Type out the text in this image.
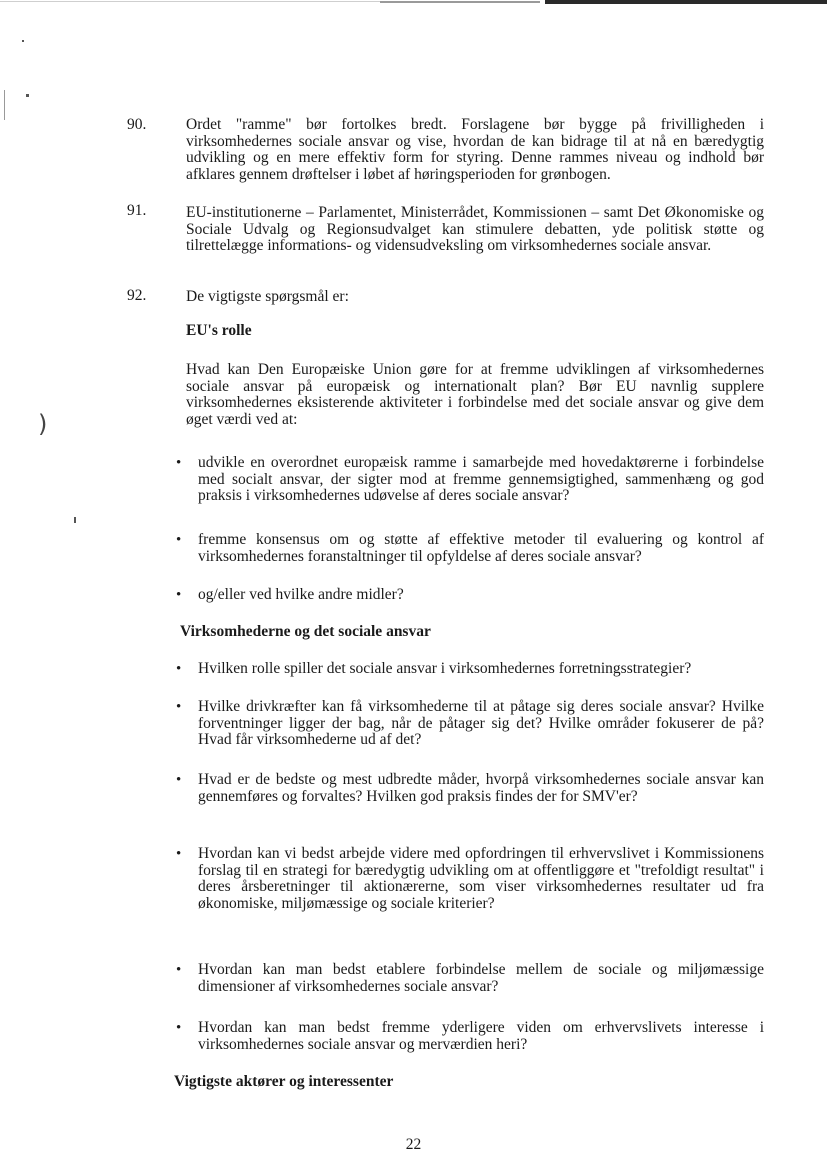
)
90.	Ordet "ramme" bør fortolkes bredt. Forslagene bør bygge på frivilligheden i virksomhedernes sociale ansvar og vise, hvordan de kan bidrage til at nå en bæredygtig udvikling og en mere effektiv form for styring. Denne rammes niveau og indhold bør afklares gennem drøftelser i løbet af høringsperioden for grønbogen.
91.	EU-institutionerne – Parlamentet, Ministerrådet, Kommissionen – samt Det Økonomiske og Sociale Udvalg og Regionsudvalget kan stimulere debatten, yde politisk støtte og tilrettelægge informations- og vidensudveksling om virksomhedernes sociale ansvar.
92.	De vigtigste spørgsmål er:
EU's rolle
Hvad kan Den Europæiske Union gøre for at fremme udviklingen af virksomhedernes sociale ansvar på europæisk og internationalt plan? Bør EU navnlig supplere virksomhedernes eksisterende aktiviteter i forbindelse med det sociale ansvar og give dem øget værdi ved at:
•	udvikle en overordnet europæisk ramme i samarbejde med hovedaktørerne i forbindelse med socialt ansvar, der sigter mod at fremme gennemsigtighed, sammenhæng og god praksis i virksomhedernes udøvelse af deres sociale ansvar?
•	fremme konsensus om og støtte af effektive metoder til evaluering og kontrol af virksomhedernes foranstaltninger til opfyldelse af deres sociale ansvar?
•	og/eller ved hvilke andre midler?
Virksomhederne og det sociale ansvar
•	Hvilken rolle spiller det sociale ansvar i virksomhedernes forretningsstrategier?
•	Hvilke drivkræfter kan få virksomhederne til at påtage sig deres sociale ansvar? Hvilke forventninger ligger der bag, når de påtager sig det? Hvilke områder fokuserer de på? Hvad får virksomhederne ud af det?
•	Hvad er de bedste og mest udbredte måder, hvorpå virksomhedernes sociale ansvar kan gennemføres og forvaltes? Hvilken god praksis findes der for SMV'er?
•	Hvordan kan vi bedst arbejde videre med opfordringen til erhvervslivet i Kommissionens forslag til en strategi for bæredygtig udvikling om at offentliggøre et "trefoldigt resultat" i deres årsberetninger til aktionærerne, som viser virksomhedernes resultater ud fra økonomiske, miljømæssige og sociale kriterier?
•	Hvordan kan man bedst etablere forbindelse mellem de sociale og miljømæssige dimensioner af virksomhedernes sociale ansvar?
•	Hvordan kan man bedst fremme yderligere viden om erhvervslivets interesse i virksomhedernes sociale ansvar og merværdien heri?
Vigtigste aktører og interessenter
22
